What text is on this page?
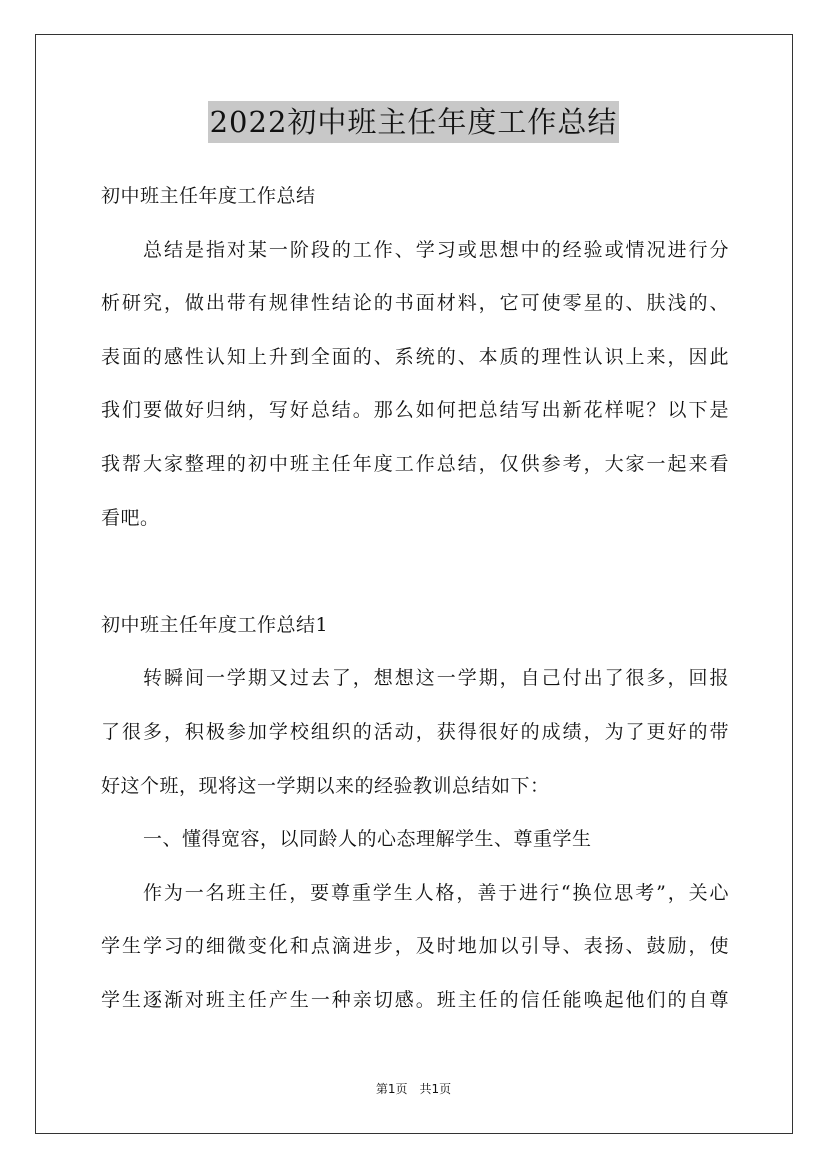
2022初中班主任年度工作总结
初中班主任年度工作总结
总结是指对某一阶段的工作、学习或思想中的经验或情况进行分
析研究，做出带有规律性结论的书面材料，它可使零星的、肤浅的、
表面的感性认知上升到全面的、系统的、本质的理性认识上来，因此
我们要做好归纳，写好总结。那么如何把总结写出新花样呢？以下是
我帮大家整理的初中班主任年度工作总结，仅供参考，大家一起来看
看吧。
初中班主任年度工作总结1
转瞬间一学期又过去了，想想这一学期，自己付出了很多，回报
了很多，积极参加学校组织的活动，获得很好的成绩，为了更好的带
好这个班，现将这一学期以来的经验教训总结如下：
一、懂得宽容，以同龄人的心态理解学生、尊重学生
作为一名班主任，要尊重学生人格，善于进行“换位思考”，关心
学生学习的细微变化和点滴进步，及时地加以引导、表扬、鼓励，使
学生逐渐对班主任产生一种亲切感。班主任的信任能唤起他们的自尊
第1页　共1页
